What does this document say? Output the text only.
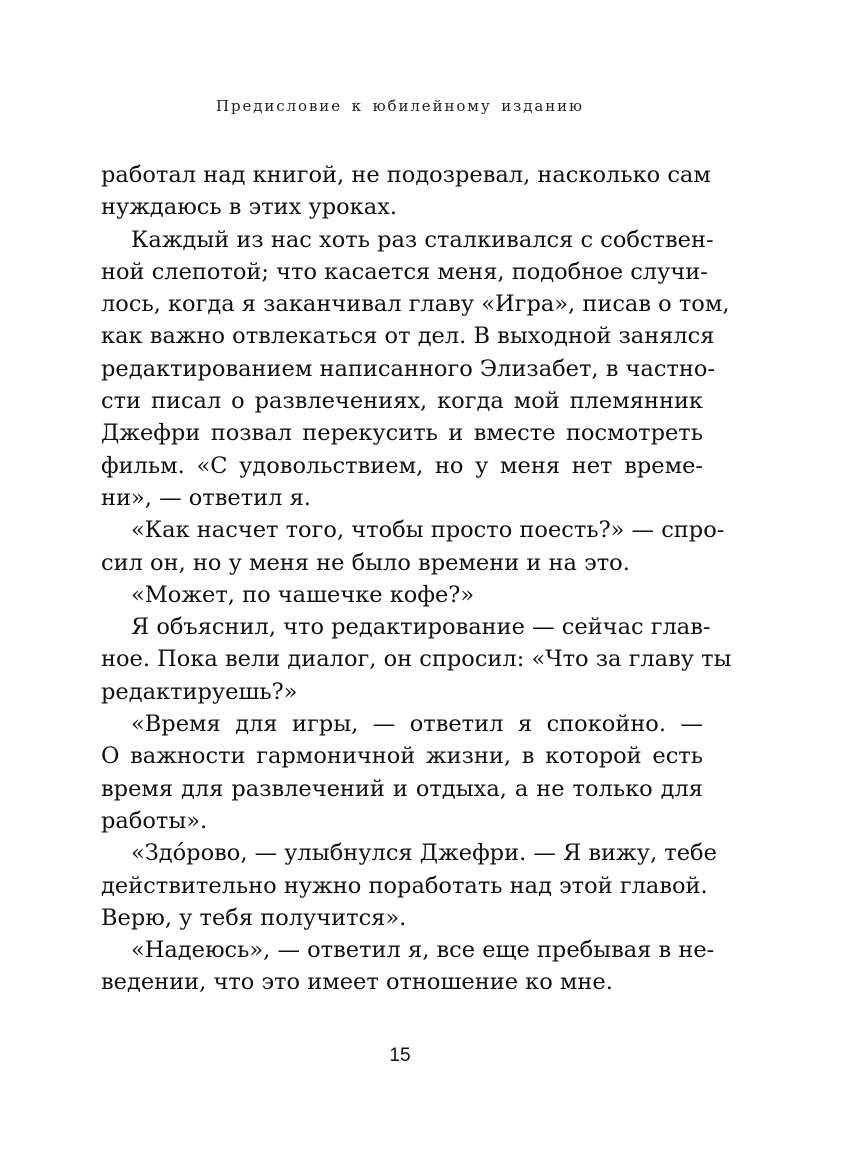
Предисловие к юбилейному изданию
работал над книгой, не подозревал, насколько сам
нуждаюсь в этих уроках.
Каждый из нас хоть раз сталкивался с собствен-
ной слепотой; что касается меня, подобное случи-
лось, когда я заканчивал главу «Игра», писав о том,
как важно отвлекаться от дел. В выходной занялся
редактированием написанного Элизабет, в частно-
сти писал о развлечениях, когда мой племянник
Джефри позвал перекусить и вместе посмотреть
фильм. «С удовольствием, но у меня нет време-
ни», — ответил я.
«Как насчет того, чтобы просто поесть?» — спро-
сил он, но у меня не было времени и на это.
«Может, по чашечке кофе?»
Я объяснил, что редактирование — сейчас глав-
ное. Пока вели диалог, он спросил: «Что за главу ты
редактируешь?»
«Время для игры, — ответил я спокойно. —
О важности гармоничной жизни, в которой есть
время для развлечений и отдыха, а не только для
работы».
«Здóрово, — улыбнулся Джефри. — Я вижу, тебе
действительно нужно поработать над этой главой.
Верю, у тебя получится».
«Надеюсь», — ответил я, все еще пребывая в не-
ведении, что это имеет отношение ко мне.
15
